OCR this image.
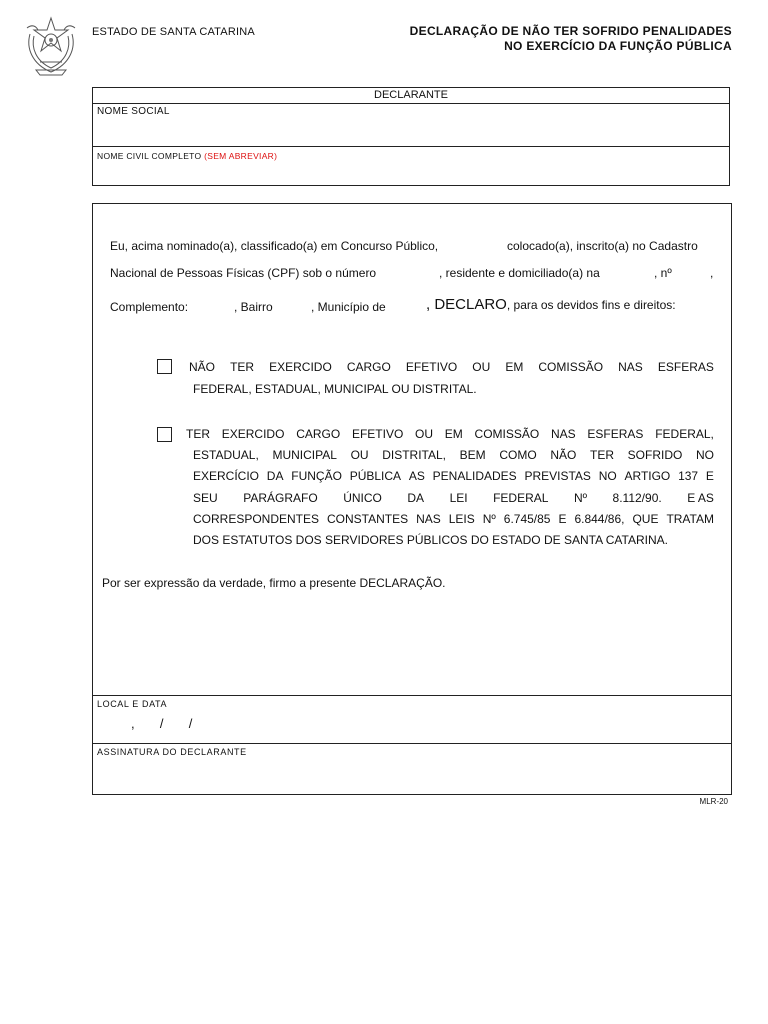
ESTADO DE SANTA CATARINA	DECLARAÇÃO DE NÃO TER SOFRIDO PENALIDADES
NO EXERCÍCIO DA FUNÇÃO PÚBLICA
DECLARANTE
NOME SOCIAL
NOME CIVIL COMPLETO (SEM ABREVIAR)
Eu, acima nominado(a), classificado(a) em Concurso Público,	colocado(a), inscrito(a) no Cadastro
Nacional de Pessoas Físicas (CPF) sob o número	, residente e domiciliado(a) na	, nº	,
Complemento:	, Bairro	, Município de	, DECLARO, para os devidos fins e direitos:
NÃO TER EXERCIDO CARGO EFETIVO OU EM COMISSÃO NAS ESFERAS
FEDERAL, ESTADUAL, MUNICIPAL OU DISTRITAL.
TER EXERCIDO CARGO EFETIVO OU EM COMISSÃO NAS ESFERAS FEDERAL,
ESTADUAL, MUNICIPAL OU DISTRITAL, BEM COMO NÃO TER SOFRIDO NO
EXERCÍCIO DA FUNÇÃO PÚBLICA AS PENALIDADES PREVISTAS NO ARTIGO 137 E
SEU PARÁGRAFO ÚNICO DA LEI FEDERAL Nº 8.112/90. E AS
CORRESPONDENTES CONSTANTES NAS LEIS Nº 6.745/85 E 6.844/86, QUE TRATAM
DOS ESTATUTOS DOS SERVIDORES PÚBLICOS DO ESTADO DE SANTA CATARINA.
Por ser expressão da verdade, firmo a presente DECLARAÇÃO.
LOCAL E DATA
,       /       /
ASSINATURA DO DECLARANTE
MLR-20
